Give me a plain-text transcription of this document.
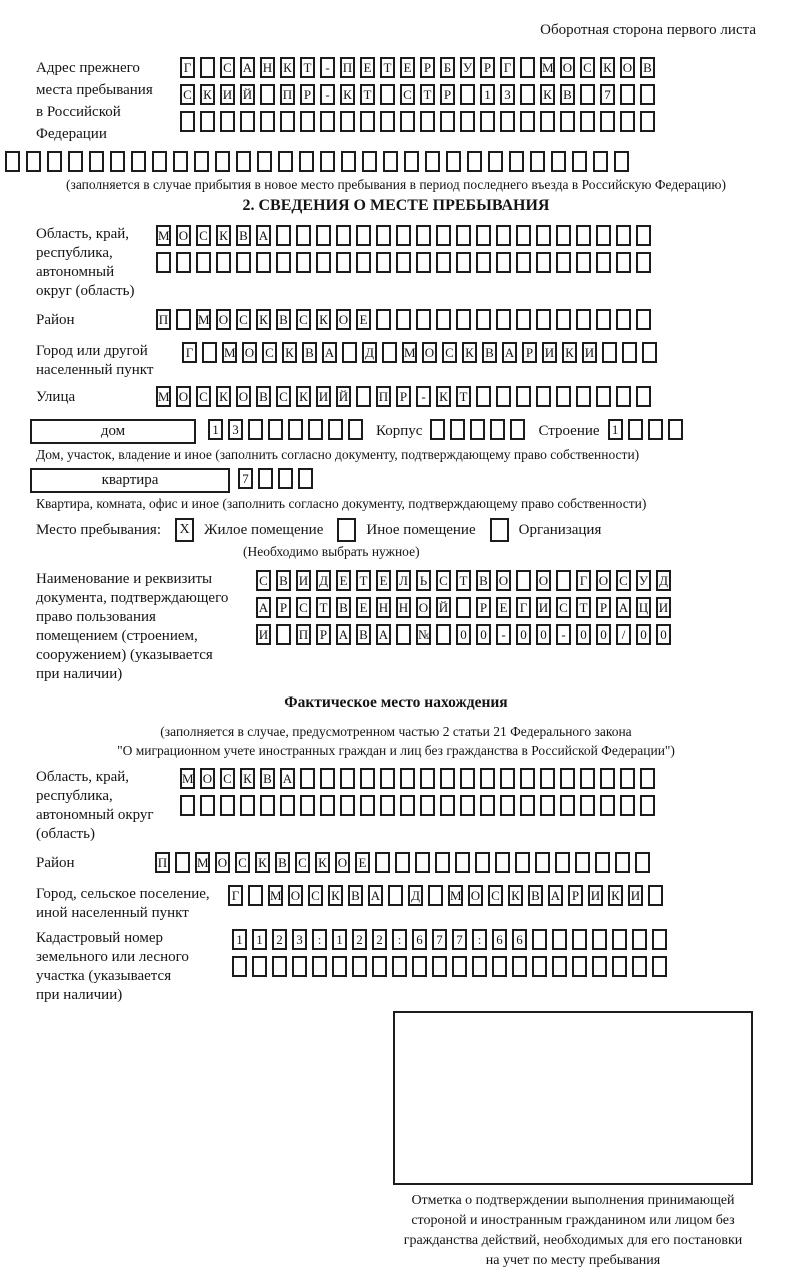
Оборотная сторона первого листа
Адрес прежнего
места пребывания
в Российской
Федерации
Г С А Н К Т - П Е Т Е Р Б У Р Г М О С К О В
С К И Й П Р - К Т С Т Р	1 3 К В 7
(заполняется в случае прибытия в новое место пребывания в период последнего въезда в Российскую Федерацию)
2. СВЕДЕНИЯ О МЕСТЕ ПРЕБЫВАНИЯ
Область, край,
республика,
автономный
округ (область)
М О С К В А
Район	П М О С К В С К О Е
Город или другой
населенный пункт
Г М О С К В А Д М О С К В А Р И К И
Улица	М О С К О В С К И Й П Р - К Т
дом	1 3	Корпус	Строение 1
Дом, участок, владение и иное (заполнить согласно документу, подтверждающему право собственности)
квартира	7
Квартира, комната, офис и иное (заполнить согласно документу, подтверждающему право собственности)
Место пребывания:	X Жилое помещение	Иное помещение	Организация
(Необходимо выбрать нужное)
Наименование и реквизиты
документа, подтверждающего
право пользования
помещением (строением,
сооружением) (указывается
при наличии)
С В И Д Е Т Е Л Ь С Т В О О Г О С У Д
А Р С Т В Е Н Н О Й Р Е Г И С Т Р А Ц И
И П Р А В А № 0 0 - 0 0 - 0 0 / 0 0
Фактическое место нахождения
(заполняется в случае, предусмотренном частью 2 статьи 21 Федерального закона
"О миграционном учете иностранных граждан и лиц без гражданства в Российской Федерации")
Область, край,
республика,
автономный округ
(область)
М О С К В А
Район	П М О С К В С К О Е
Город, сельское поселение,
иной населенный пункт
Г М О С К В А Д М О С К В А Р И К И
Кадастровый номер
земельного или лесного
участка (указывается
при наличии)
1 1 2 3 : 1 2 2 : 6 7 7 : 6 6
Отметка о подтверждении выполнения принимающей
стороной и иностранным гражданином или лицом без
гражданства действий, необходимых для его постановки
на учет по месту пребывания
